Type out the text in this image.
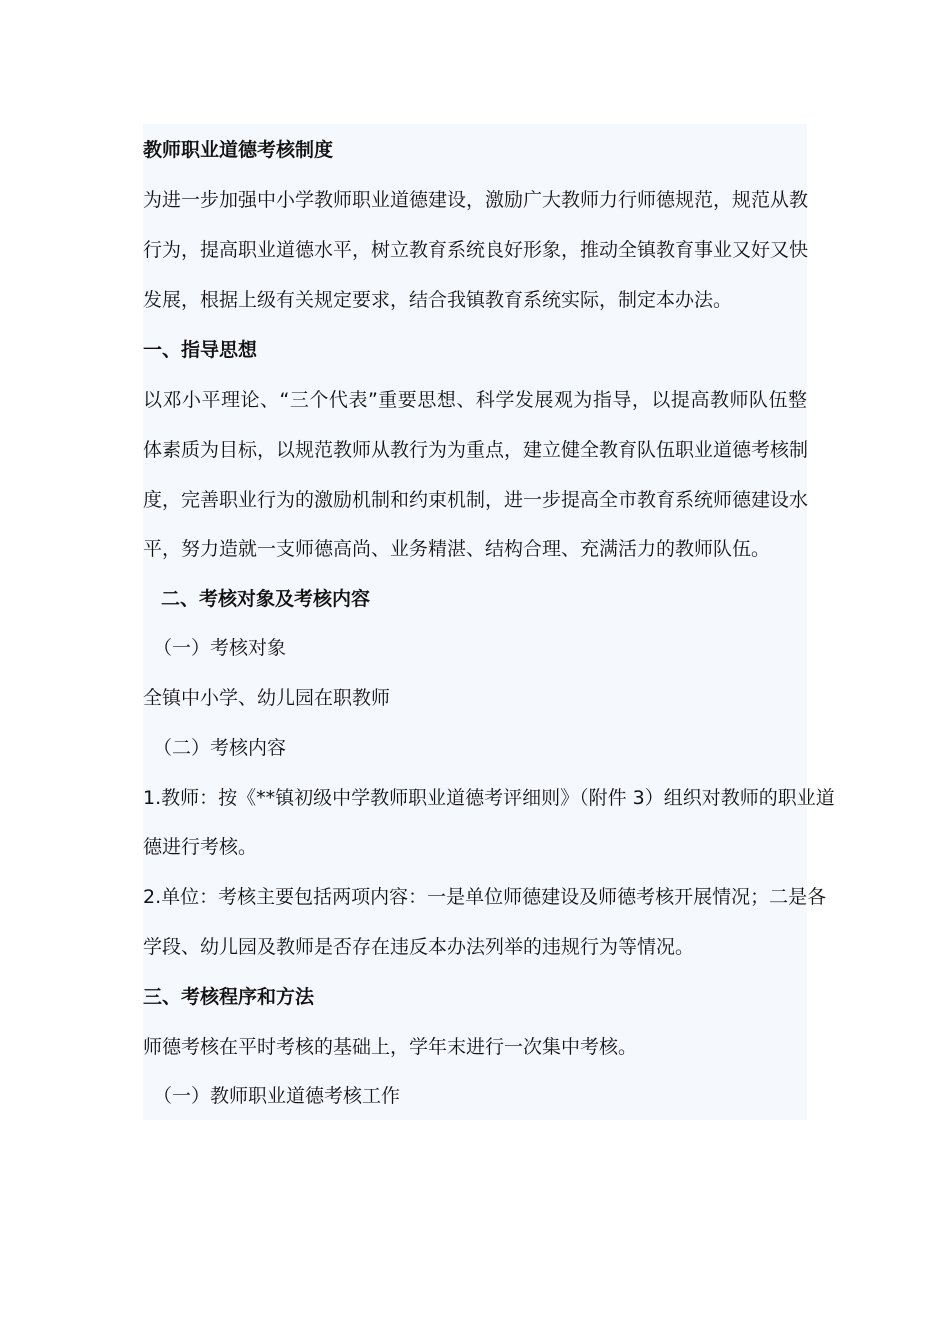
教师职业道德考核制度
为进一步加强中小学教师职业道德建设，激励广大教师力行师德规范，规范从教
行为，提高职业道德水平，树立教育系统良好形象，推动全镇教育事业又好又快
发展，根据上级有关规定要求，结合我镇教育系统实际，制定本办法。
一、指导思想
以邓小平理论、“三个代表”重要思想、科学发展观为指导，以提高教师队伍整
体素质为目标，以规范教师从教行为为重点，建立健全教育队伍职业道德考核制
度，完善职业行为的激励机制和约束机制，进一步提高全市教育系统师德建设水
平，努力造就一支师德高尚、业务精湛、结构合理、充满活力的教师队伍。
二、考核对象及考核内容
（一）考核对象
全镇中小学、幼儿园在职教师
（二）考核内容
1.教师：按《**镇初级中学教师职业道德考评细则》（附件 3）组织对教师的职业道
德进行考核。
2.单位：考核主要包括两项内容：一是单位师德建设及师德考核开展情况；二是各
学段、幼儿园及教师是否存在违反本办法列举的违规行为等情况。
三、考核程序和方法
师德考核在平时考核的基础上，学年末进行一次集中考核。
（一）教师职业道德考核工作
